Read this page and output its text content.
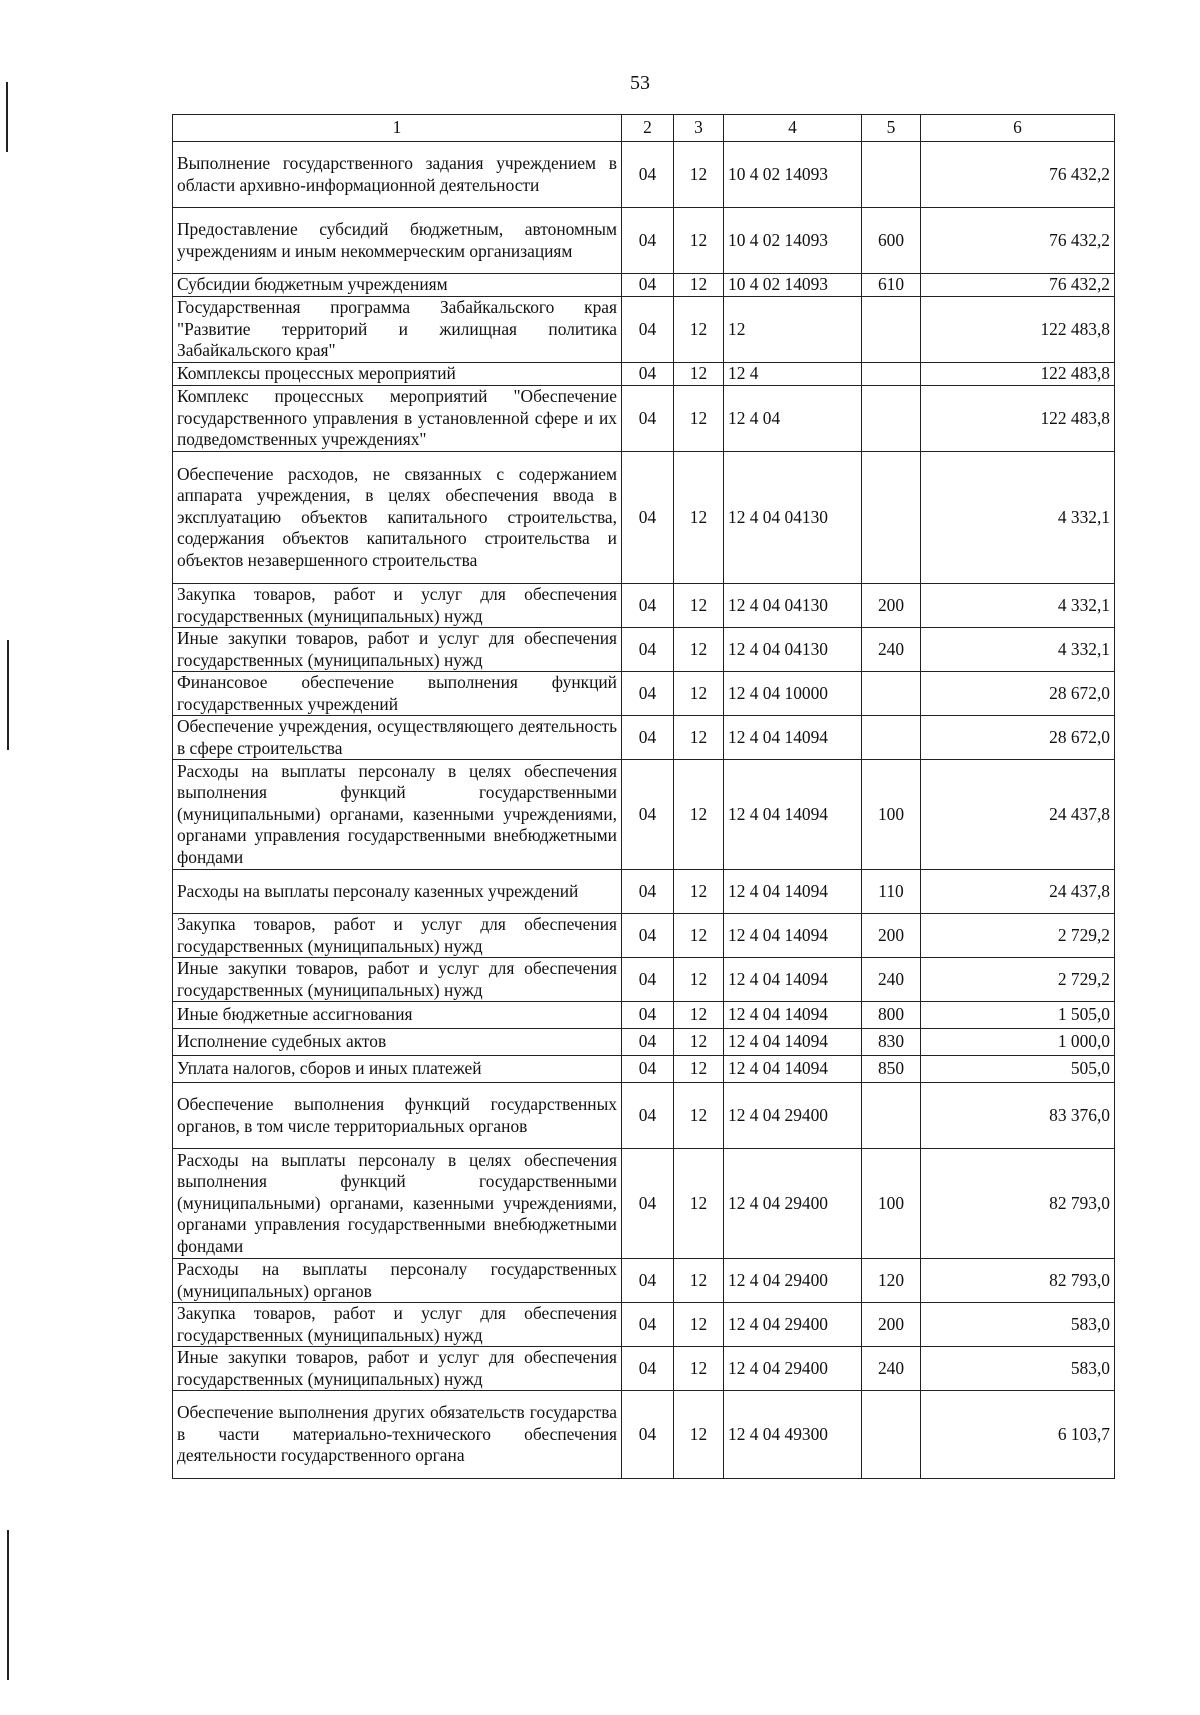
53
1	2	3	4	5	6
Выполнение государственного задания учреждением в области архивно-информационной деятельности	04	12	10 4 02 14093		76 432,2
Предоставление субсидий бюджетным, автономным учреждениям и иным некоммерческим организациям	04	12	10 4 02 14093	600	76 432,2
Субсидии бюджетным учреждениям	04	12	10 4 02 14093	610	76 432,2
Государственная программа Забайкальского края "Развитие территорий и жилищная политика Забайкальского края"	04	12	12		122 483,8
Комплексы процессных мероприятий	04	12	12 4		122 483,8
Комплекс процессных мероприятий "Обеспечение государственного управления в установленной сфере и их подведомственных учреждениях"	04	12	12 4 04		122 483,8
Обеспечение расходов, не связанных с содержанием аппарата учреждения, в целях обеспечения ввода в эксплуатацию объектов капитального строительства, содержания объектов капитального строительства и объектов незавершенного строительства	04	12	12 4 04 04130		4 332,1
Закупка товаров, работ и услуг для обеспечения государственных (муниципальных) нужд	04	12	12 4 04 04130	200	4 332,1
Иные закупки товаров, работ и услуг для обеспечения государственных (муниципальных) нужд	04	12	12 4 04 04130	240	4 332,1
Финансовое обеспечение выполнения функций государственных учреждений	04	12	12 4 04 10000		28 672,0
Обеспечение учреждения, осуществляющего деятельность в сфере строительства	04	12	12 4 04 14094		28 672,0
Расходы на выплаты персоналу в целях обеспечения выполнения функций государственными (муниципальными) органами, казенными учреждениями, органами управления государственными внебюджетными фондами	04	12	12 4 04 14094	100	24 437,8
Расходы на выплаты персоналу казенных учреждений	04	12	12 4 04 14094	110	24 437,8
Закупка товаров, работ и услуг для обеспечения государственных (муниципальных) нужд	04	12	12 4 04 14094	200	2 729,2
Иные закупки товаров, работ и услуг для обеспечения государственных (муниципальных) нужд	04	12	12 4 04 14094	240	2 729,2
Иные бюджетные ассигнования	04	12	12 4 04 14094	800	1 505,0
Исполнение судебных актов	04	12	12 4 04 14094	830	1 000,0
Уплата налогов, сборов и иных платежей	04	12	12 4 04 14094	850	505,0
Обеспечение выполнения функций государственных органов, в том числе территориальных органов	04	12	12 4 04 29400		83 376,0
Расходы на выплаты персоналу в целях обеспечения выполнения функций государственными (муниципальными) органами, казенными учреждениями, органами управления государственными внебюджетными фондами	04	12	12 4 04 29400	100	82 793,0
Расходы на выплаты персоналу государственных (муниципальных) органов	04	12	12 4 04 29400	120	82 793,0
Закупка товаров, работ и услуг для обеспечения государственных (муниципальных) нужд	04	12	12 4 04 29400	200	583,0
Иные закупки товаров, работ и услуг для обеспечения государственных (муниципальных) нужд	04	12	12 4 04 29400	240	583,0
Обеспечение выполнения других обязательств государства в части материально-технического обеспечения деятельности государственного органа	04	12	12 4 04 49300		6 103,7
